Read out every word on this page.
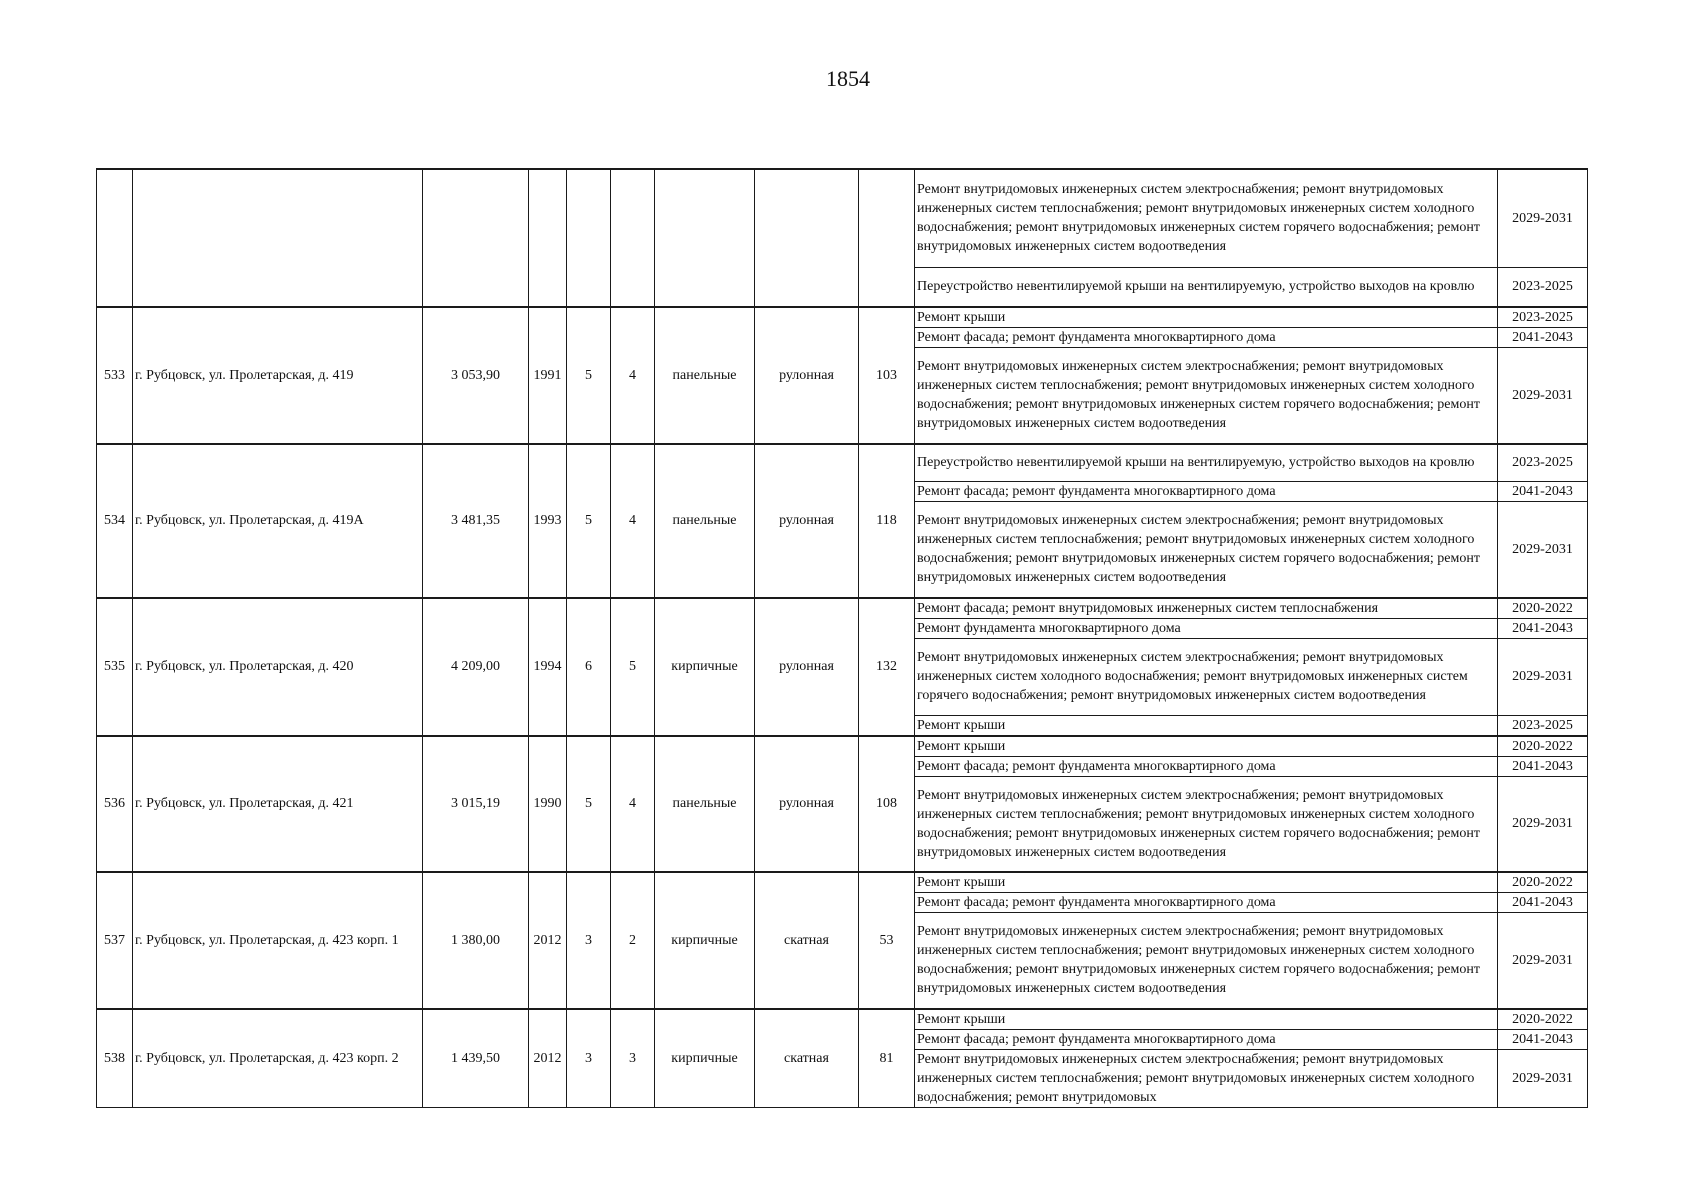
1854
									Ремонт внутридомовых инженерных систем электроснабжения; ремонт внутридомовых инженерных систем теплоснабжения; ремонт внутридомовых инженерных систем холодного водоснабжения; ремонт внутридомовых инженерных систем горячего водоснабжения; ремонт внутридомовых инженерных систем водоотведения	2029-2031
									Переустройство невентилируемой крыши на вентилируемую, устройство выходов на кровлю	2023-2025
533	г. Рубцовск, ул. Пролетарская, д. 419	3 053,90	1991	5	4	панельные	рулонная	103	Ремонт крыши	2023-2025
									Ремонт фасада; ремонт фундамента многоквартирного дома	2041-2043
									Ремонт внутридомовых инженерных систем электроснабжения; ремонт внутридомовых инженерных систем теплоснабжения; ремонт внутридомовых инженерных систем холодного водоснабжения; ремонт внутридомовых инженерных систем горячего водоснабжения; ремонт внутридомовых инженерных систем водоотведения	2029-2031
534	г. Рубцовск, ул. Пролетарская, д. 419А	3 481,35	1993	5	4	панельные	рулонная	118	Переустройство невентилируемой крыши на вентилируемую, устройство выходов на кровлю	2023-2025
									Ремонт фасада; ремонт фундамента многоквартирного дома	2041-2043
									Ремонт внутридомовых инженерных систем электроснабжения; ремонт внутридомовых инженерных систем теплоснабжения; ремонт внутридомовых инженерных систем холодного водоснабжения; ремонт внутридомовых инженерных систем горячего водоснабжения; ремонт внутридомовых инженерных систем водоотведения	2029-2031
535	г. Рубцовск, ул. Пролетарская, д. 420	4 209,00	1994	6	5	кирпичные	рулонная	132	Ремонт фасада; ремонт внутридомовых инженерных систем теплоснабжения	2020-2022
									Ремонт фундамента многоквартирного дома	2041-2043
									Ремонт внутридомовых инженерных систем электроснабжения; ремонт внутридомовых инженерных систем холодного водоснабжения; ремонт внутридомовых инженерных систем горячего водоснабжения; ремонт внутридомовых инженерных систем водоотведения	2029-2031
									Ремонт крыши	2023-2025
536	г. Рубцовск, ул. Пролетарская, д. 421	3 015,19	1990	5	4	панельные	рулонная	108	Ремонт крыши	2020-2022
									Ремонт фасада; ремонт фундамента многоквартирного дома	2041-2043
									Ремонт внутридомовых инженерных систем электроснабжения; ремонт внутридомовых инженерных систем теплоснабжения; ремонт внутридомовых инженерных систем холодного водоснабжения; ремонт внутридомовых инженерных систем горячего водоснабжения; ремонт внутридомовых инженерных систем водоотведения	2029-2031
537	г. Рубцовск, ул. Пролетарская, д. 423 корп. 1	1 380,00	2012	3	2	кирпичные	скатная	53	Ремонт крыши	2020-2022
									Ремонт фасада; ремонт фундамента многоквартирного дома	2041-2043
									Ремонт внутридомовых инженерных систем электроснабжения; ремонт внутридомовых инженерных систем теплоснабжения; ремонт внутридомовых инженерных систем холодного водоснабжения; ремонт внутридомовых инженерных систем горячего водоснабжения; ремонт внутридомовых инженерных систем водоотведения	2029-2031
538	г. Рубцовск, ул. Пролетарская, д. 423 корп. 2	1 439,50	2012	3	3	кирпичные	скатная	81	Ремонт крыши	2020-2022
									Ремонт фасада; ремонт фундамента многоквартирного дома	2041-2043
									Ремонт внутридомовых инженерных систем электроснабжения; ремонт внутридомовых инженерных систем теплоснабжения; ремонт внутридомовых инженерных систем холодного водоснабжения; ремонт внутридомовых	2029-2031
